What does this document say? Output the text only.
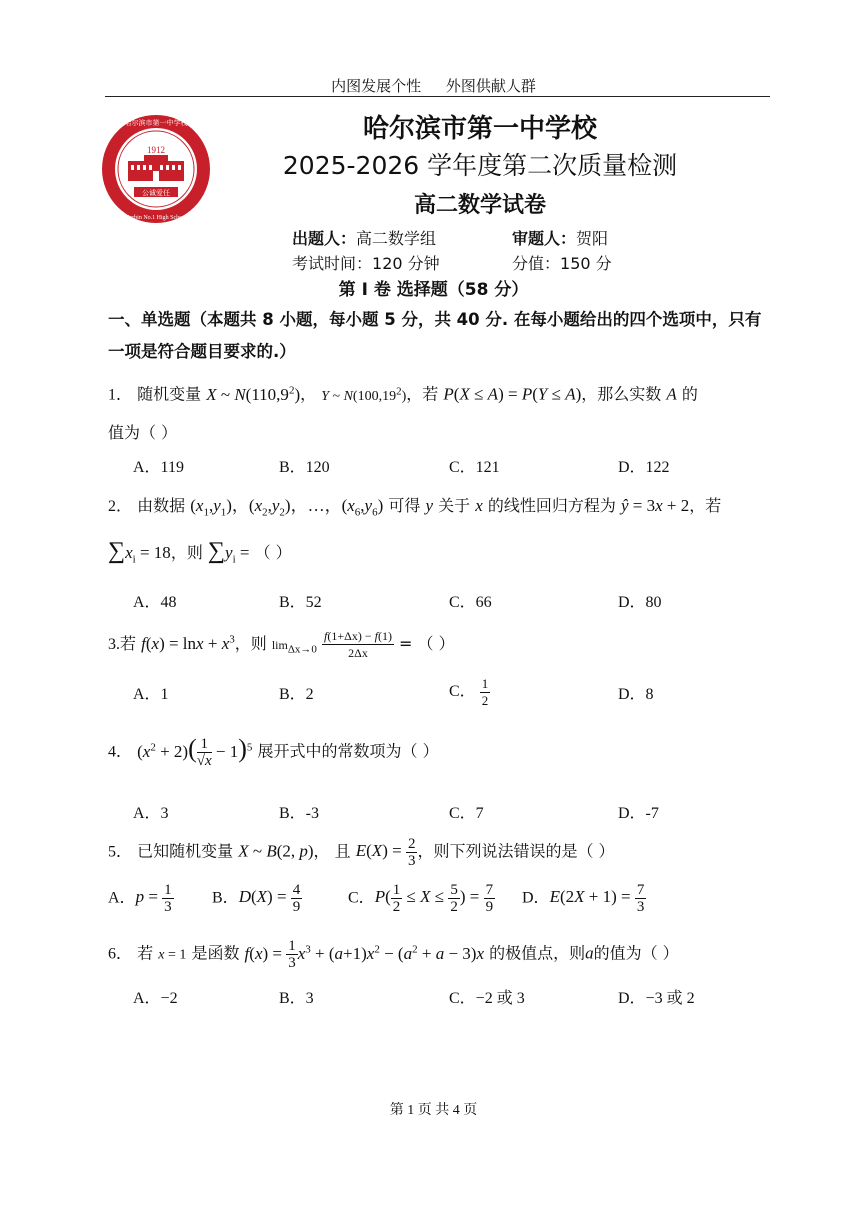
内图发展个性 外图供献人群
1912
公诚爱任
哈尔滨市第一中学校
Harbin No.1 High School
哈尔滨市第一中学校
2025-2026 学年度第二次质量检测
高二数学试卷
出题人：高二数学组	审题人：贺阳
考试时间：120 分钟	分值：150 分
第 I 卷 选择题（58 分）
一、单选题（本题共 8 小题，每小题 5 分，共 40 分. 在每小题给出的四个选项中，只有
一项是符合题目要求的.）
1． 随机变量 X ~ N(110,9$^2$)， Y ~ N(100,19$^2$)，若 P(X ≤ A) = P(Y ≤ A)，那么实数 A 的
值为（ ）
A．119	B．120	C．121	D．122
2． 由数据 $(x_1,y_1)$，$(x_2,y_2)$，…，$(x_6,y_6)$ 可得 y 关于 x 的线性回归方程为 ŷ = 3x + 2，若
$\sum x_i = 18$，则 $\sum y_i$ = （ ）
A．48	B．52	C．66	D．80
3.若 $f(x) = \ln x + x^3$，则 $\lim_{\Delta x\to 0} \frac{f(1+\Delta x) - f(1)}{2\Delta x}$ = （ ）
A．1	B．2	C． $\frac{1}{2}$	D．8
4． $(x^2 + 2)( \frac{1}{√x} - 1)^5$ 展开式中的常数项为（ ）
A．3	B．-3	C．7	D．-7
5． 已知随机变量 X ~ B(2, p)， 且 $E(X) = \frac{2}{3}$ ，则下列说法错误的是（ ）
A．$p = \frac{1}{3}$ B．$D(X) = \frac{4}{9}$	C．$P( \frac{1}{2} \le X \le \frac{5}{2}$ ) = $\frac{7}{9}$ D．$E(2X + 1) = \frac{7}{3}$
6． 若 x = 1 是函数 $f(x) = \frac{1}{3} x^3 + (a+1)x^2 - (a^2 + a - 3)x$ 的极值点，则a的值为（ ）
A．−2	B．3	C．−2 或 3	D．−3 或 2
第 1 页 共 4 页
